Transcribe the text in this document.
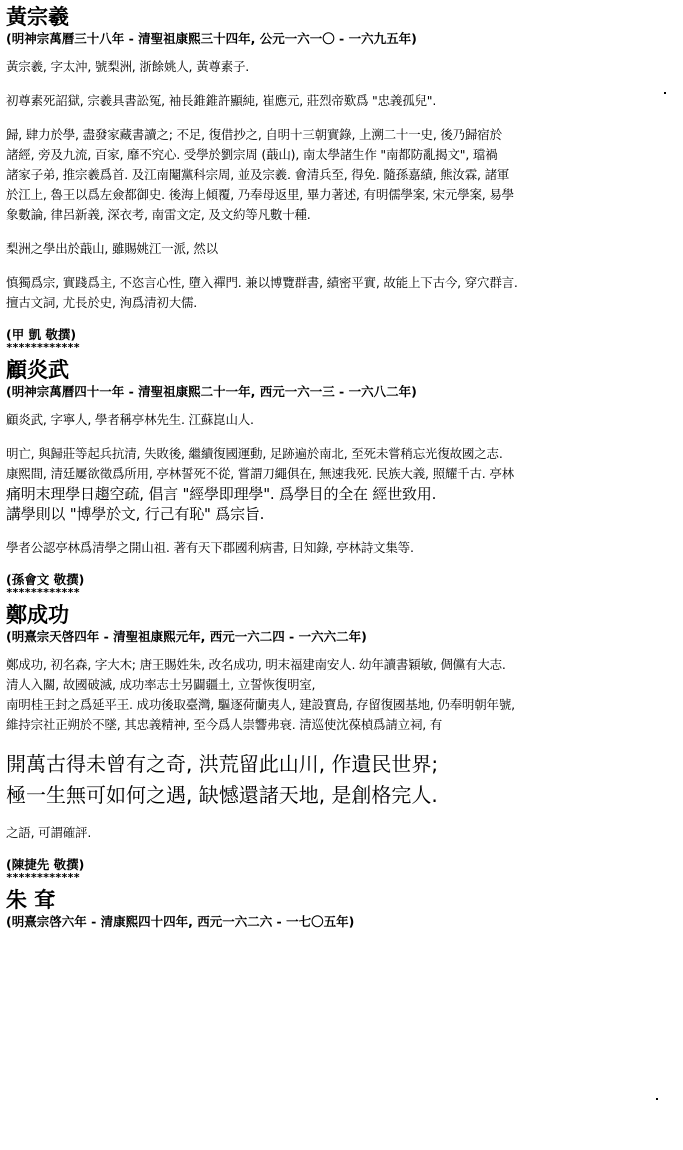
黃宗羲

(明神宗萬曆三十八年 - 清聖祖康熙三十四年, 公元一六一〇 - 一六九五年)

黃宗羲, 字太沖, 號梨洲, 浙餘姚人, 黃尊素子.

初尊素死詔獄, 宗羲具書訟冤, 袖長錐錐許顯純, 崔應元, 莊烈帝歎爲 "忠義孤兒".

歸, 肆力於學, 盡發家藏書讀之; 不足, 復借抄之, 自明十三朝實錄, 上溯二十一史, 後乃歸宿於
諸經, 旁及九流, 百家, 靡不究心. 受學於劉宗周 (蕺山), 南太學諸生作 "南都防亂揭文", 璫禍
諸家子弟, 推宗羲爲首. 及江南閹黨科宗周, 並及宗羲. 會清兵至, 得免. 隨孫嘉績, 熊汝霖, 諸軍
於江上, 魯王以爲左僉都御史. 後海上傾覆, 乃奉母返里, 畢力著述, 有明儒學案, 宋元學案, 易學
象數論, 律呂新義, 深衣考, 南雷文定, 及文約等凡數十種.

梨洲之學出於蕺山, 雖賜姚江一派, 然以

慎獨爲宗, 實踐爲主, 不恣言心性, 墮入禪門. 兼以博覽群書, 績密平實, 故能上下古今, 穿穴群言.
擅古文詞, 尤長於史, 洵爲清初大儒.

(甲 凱 敬撰)

************

顧炎武

(明神宗萬曆四十一年 - 清聖祖康熙二十一年, 西元一六一三 - 一六八二年)

顧炎武, 字寧人, 學者稱亭林先生. 江蘇崑山人.

明亡, 與歸莊等起兵抗清, 失敗後, 繼續復國運動, 足跡遍於南北, 至死未嘗稍忘光復故國之志.
康熙間, 清廷屢欲徵爲所用, 亭林誓死不從, 嘗謂刀繩俱在, 無速我死. 民族大義, 照耀千古. 亭林
痛明末理學日趨空疏, 倡言 "經學即理學". 爲學目的全在 經世致用.
講學則以 "博學於文, 行己有恥" 爲宗旨.

學者公認亭林爲清學之開山祖. 著有天下郡國利病書, 日知錄, 亭林詩文集等.

(孫會文 敬撰)

************

鄭成功

(明熹宗天啓四年 - 清聖祖康熙元年, 西元一六二四 - 一六六二年)

鄭成功, 初名森, 字大木; 唐王賜姓朱, 改名成功, 明末福建南安人. 幼年讀書穎敏, 倜儻有大志.
清人入關, 故國破滅, 成功率志士另闢疆土, 立誓恢復明室,
南明桂王封之爲延平王. 成功後取臺灣, 驅逐荷蘭夷人, 建設寶島, 存留復國基地, 仍奉明朝年號,
維持宗社正朔於不墜, 其忠義精神, 至今爲人崇響弗衰. 清巡使沈葆楨爲請立祠, 有

開萬古得未曾有之奇, 洪荒留此山川, 作遺民世界;
極一生無可如何之遇, 缺憾還諸天地, 是創格完人.

之語, 可謂確評.

(陳捷先 敬撰)

************

朱 耷

(明熹宗啓六年 - 清康熙四十四年, 西元一六二六 - 一七〇五年)
